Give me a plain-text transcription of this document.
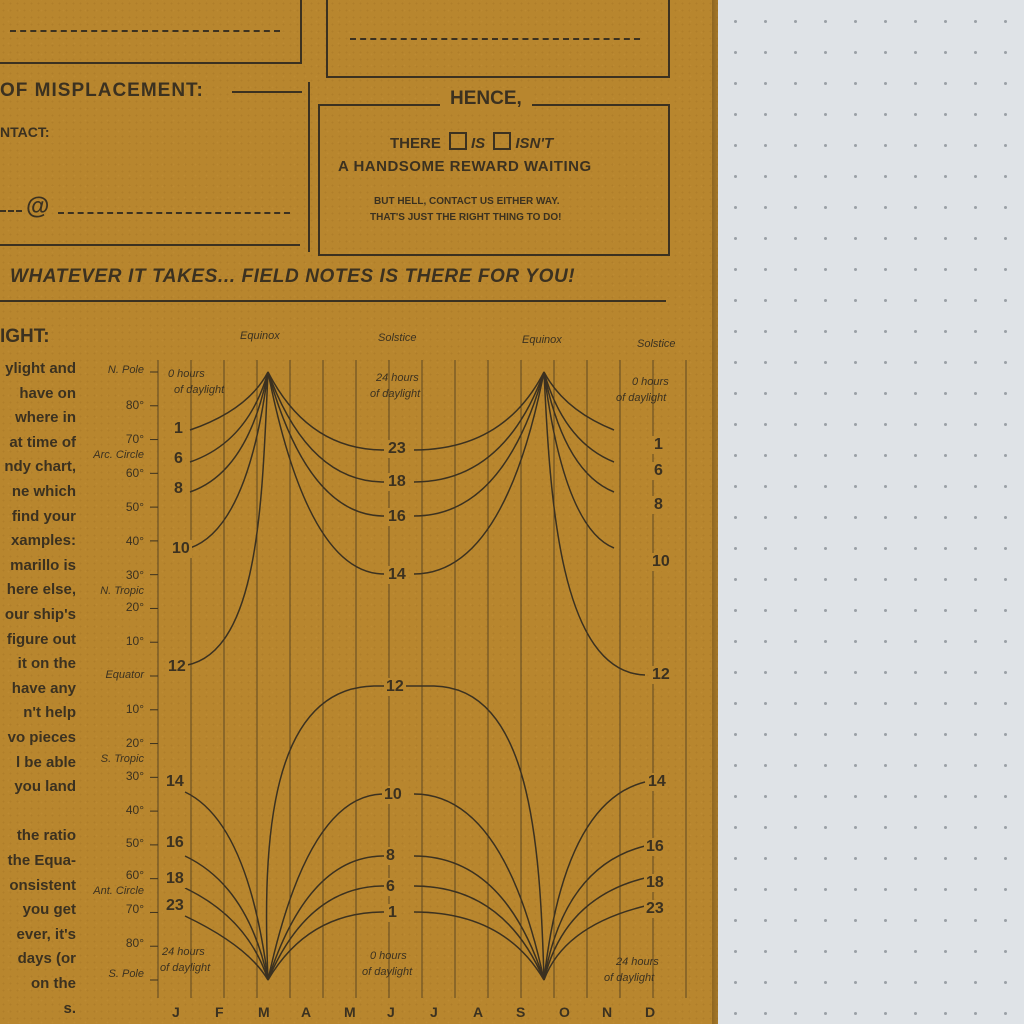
OF MISPLACEMENT:
NTACT:
@
HENCE,
THERE IS ISN'T
A HANDSOME REWARD WAITING
BUT HELL, CONTACT US EITHER WAY.
THAT'S JUST THE RIGHT THING TO DO!
WHATEVER IT TAKES... FIELD NOTES IS THERE FOR YOU!
IGHT:
ylight and
have on
where in
at time of
ndy chart,
ne which
find your
xamples:
marillo is
here else,
our ship's
figure out
it on the
have any
n't help
vo pieces
l be able
you land
the ratio
the Equa-
onsistent
you get
ever, it's
days (or
on the
s.
Equinox	Solstice	Equinox	Solstice
N. Pole
80°
70°
Arc. Circle
60°
50°
40°
30°
N. Tropic
20°
10°
Equator
10°
20°
S. Tropic
30°
40°
50°
60°
Ant. Circle
70°
80°
S. Pole
J	F M A M J	J	A S O N D
1
6
8
10
12
14
16
18
23
23
18
16
14
12
10
8
6
1
1
6
8
10
12
14
16
18
23
0 hours
of daylight
24 hours
of daylight
0 hours
of daylight
24 hours
of daylight
0 hours
of daylight
24 hours
of daylight
